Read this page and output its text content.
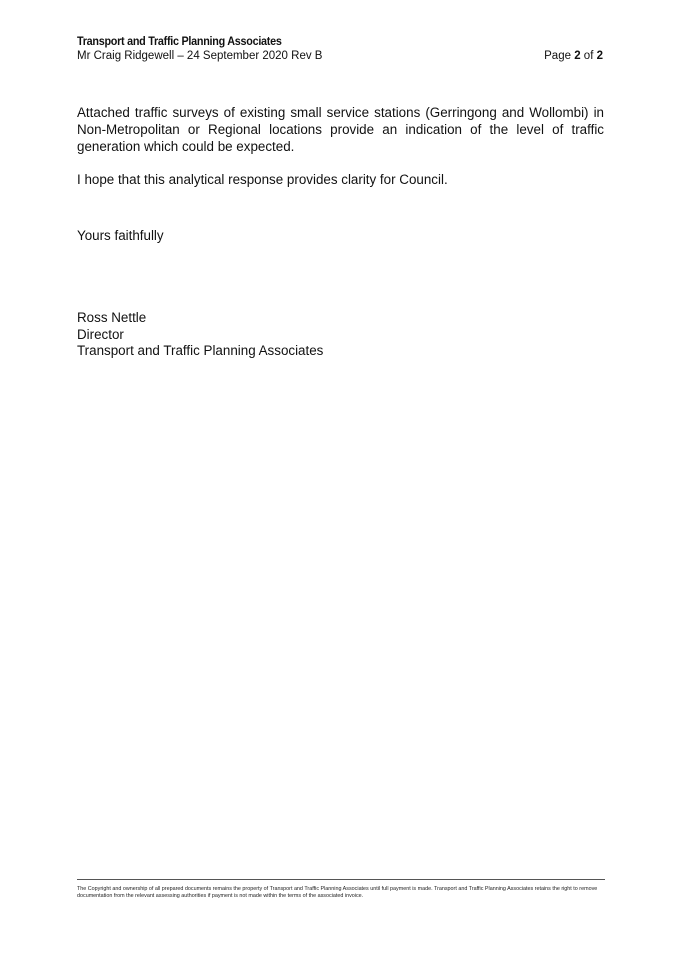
Transport and Traffic Planning Associates
Mr Craig Ridgewell – 24 September 2020 Rev B	Page 2 of 2

Attached traffic surveys of existing small service stations (Gerringong and Wollombi) in Non-Metropolitan or Regional locations provide an indication of the level of traffic generation which could be expected.

I hope that this analytical response provides clarity for Council.

Yours faithfully

Ross Nettle
Director
Transport and Traffic Planning Associates
The Copyright and ownership of all prepared documents remains the property of Transport and Traffic Planning Associates until full payment is made. Transport and Traffic Planning Associates retains the right to remove documentation from the relevant assessing authorities if payment is not made within the terms of the associated invoice.
